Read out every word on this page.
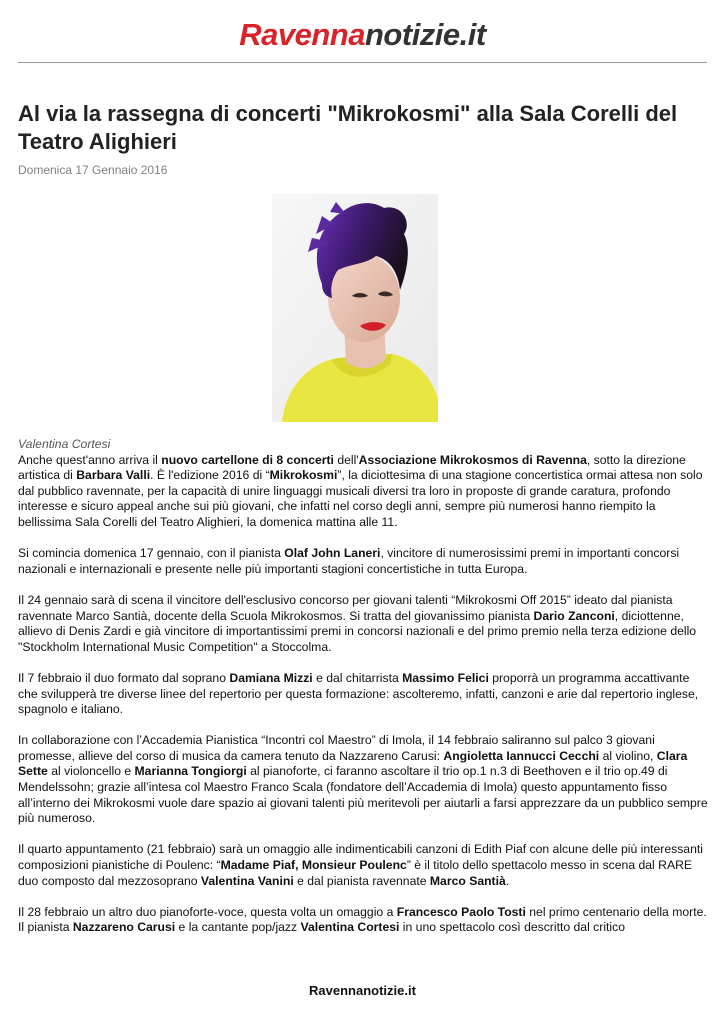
Ravennanotizie.it
Al via la rassegna di concerti "Mikrokosmi" alla Sala Corelli del Teatro Alighieri
Domenica 17 Gennaio 2016
Valentina Cortesi

Anche quest'anno arriva il nuovo cartellone di 8 concerti dell'Associazione Mikrokosmos di Ravenna, sotto la direzione artistica di Barbara Valli. È l'edizione 2016 di “Mikrokosmi”, la diciottesima di una stagione concertistica ormai attesa non solo dal pubblico ravennate, per la capacità di unire linguaggi musicali diversi tra loro in proposte di grande caratura, profondo interesse e sicuro appeal anche sui più giovani, che infatti nel corso degli anni, sempre più numerosi hanno riempito la bellissima Sala Corelli del Teatro Alighieri, la domenica mattina alle 11.

Si comincia domenica 17 gennaio, con il pianista Olaf John Laneri, vincitore di numerosissimi premi in importanti concorsi nazionali e internazionali e presente nelle più importanti stagioni concertistiche in tutta Europa.

Il 24 gennaio sarà di scena il vincitore dell'esclusivo concorso per giovani talenti “Mikrokosmi Off 2015” ideato dal pianista ravennate Marco Santià, docente della Scuola Mikrokosmos. Si tratta del giovanissimo pianista Dario Zanconi, diciottenne, allievo di Denis Zardi e già vincitore di importantissimi premi in concorsi nazionali e del primo premio nella terza edizione dello "Stockholm International Music Competition" a Stoccolma.

Il 7 febbraio il duo formato dal soprano Damiana Mizzi e dal chitarrista Massimo Felici proporrà un programma accattivante che svilupperà tre diverse linee del repertorio per questa formazione: ascolteremo, infatti, canzoni e arie dal repertorio inglese, spagnolo e italiano.

In collaborazione con l’Accademia Pianistica “Incontri col Maestro” di Imola, il 14 febbraio saliranno sul palco 3 giovani promesse, allieve del corso di musica da camera tenuto da Nazzareno Carusi: Angioletta Iannucci Cecchi al violino, Clara Sette al violoncello e Marianna Tongiorgi al pianoforte, ci faranno ascoltare il trio op.1 n.3 di Beethoven e il trio op.49 di Mendelssohn; grazie all’intesa col Maestro Franco Scala (fondatore dell’Accademia di Imola) questo appuntamento fisso all’interno dei Mikrokosmi vuole dare spazio ai giovani talenti più meritevoli per aiutarli a farsi apprezzare da un pubblico sempre più numeroso.

Il quarto appuntamento (21 febbraio) sarà un omaggio alle indimenticabili canzoni di Edith Piaf con alcune delle più interessanti composizioni pianistiche di Poulenc: “Madame Piaf, Monsieur Poulenc” è il titolo dello spettacolo messo in scena dal RARE duo composto dal mezzosoprano Valentina Vanini e dal pianista ravennate Marco Santià.

Il 28 febbraio un altro duo pianoforte-voce, questa volta un omaggio a Francesco Paolo Tosti nel primo centenario della morte. Il pianista Nazzareno Carusi e la cantante pop/jazz Valentina Cortesi in uno spettacolo così descritto dal critico

Ravennanotizie.it
